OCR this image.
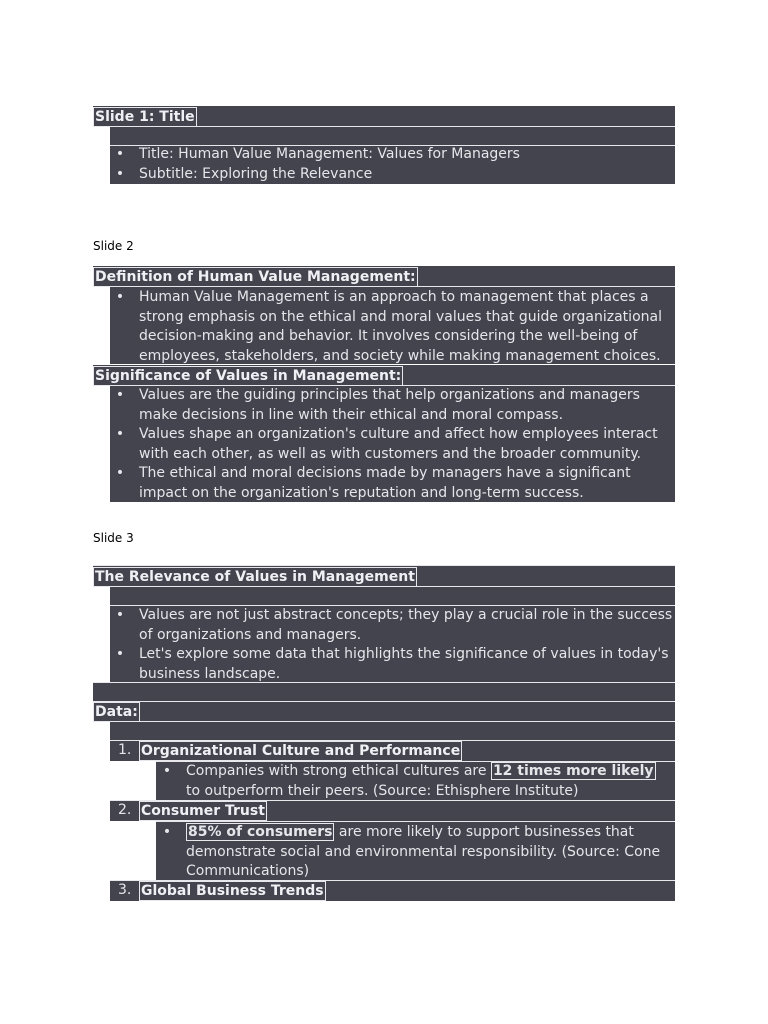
Slide 1: Title
• Title: Human Value Management: Values for Managers
• Subtitle: Exploring the Relevance
Slide 2
Definition of Human Value Management:
• Human Value Management is an approach to management that places a strong emphasis on the ethical and moral values that guide organizational decision-making and behavior. It involves considering the well-being of employees, stakeholders, and society while making management choices.
Significance of Values in Management:
• Values are the guiding principles that help organizations and managers make decisions in line with their ethical and moral compass.
• Values shape an organization's culture and affect how employees interact with each other, as well as with customers and the broader community.
• The ethical and moral decisions made by managers have a significant impact on the organization's reputation and long-term success.
Slide 3
The Relevance of Values in Management
• Values are not just abstract concepts; they play a crucial role in the success of organizations and managers.
• Let's explore some data that highlights the significance of values in today's business landscape.
Data:
1. Organizational Culture and Performance
• Companies with strong ethical cultures are 12 times more likely to outperform their peers. (Source: Ethisphere Institute)
2. Consumer Trust
• 85% of consumers are more likely to support businesses that demonstrate social and environmental responsibility. (Source: Cone Communications)
3. Global Business Trends
